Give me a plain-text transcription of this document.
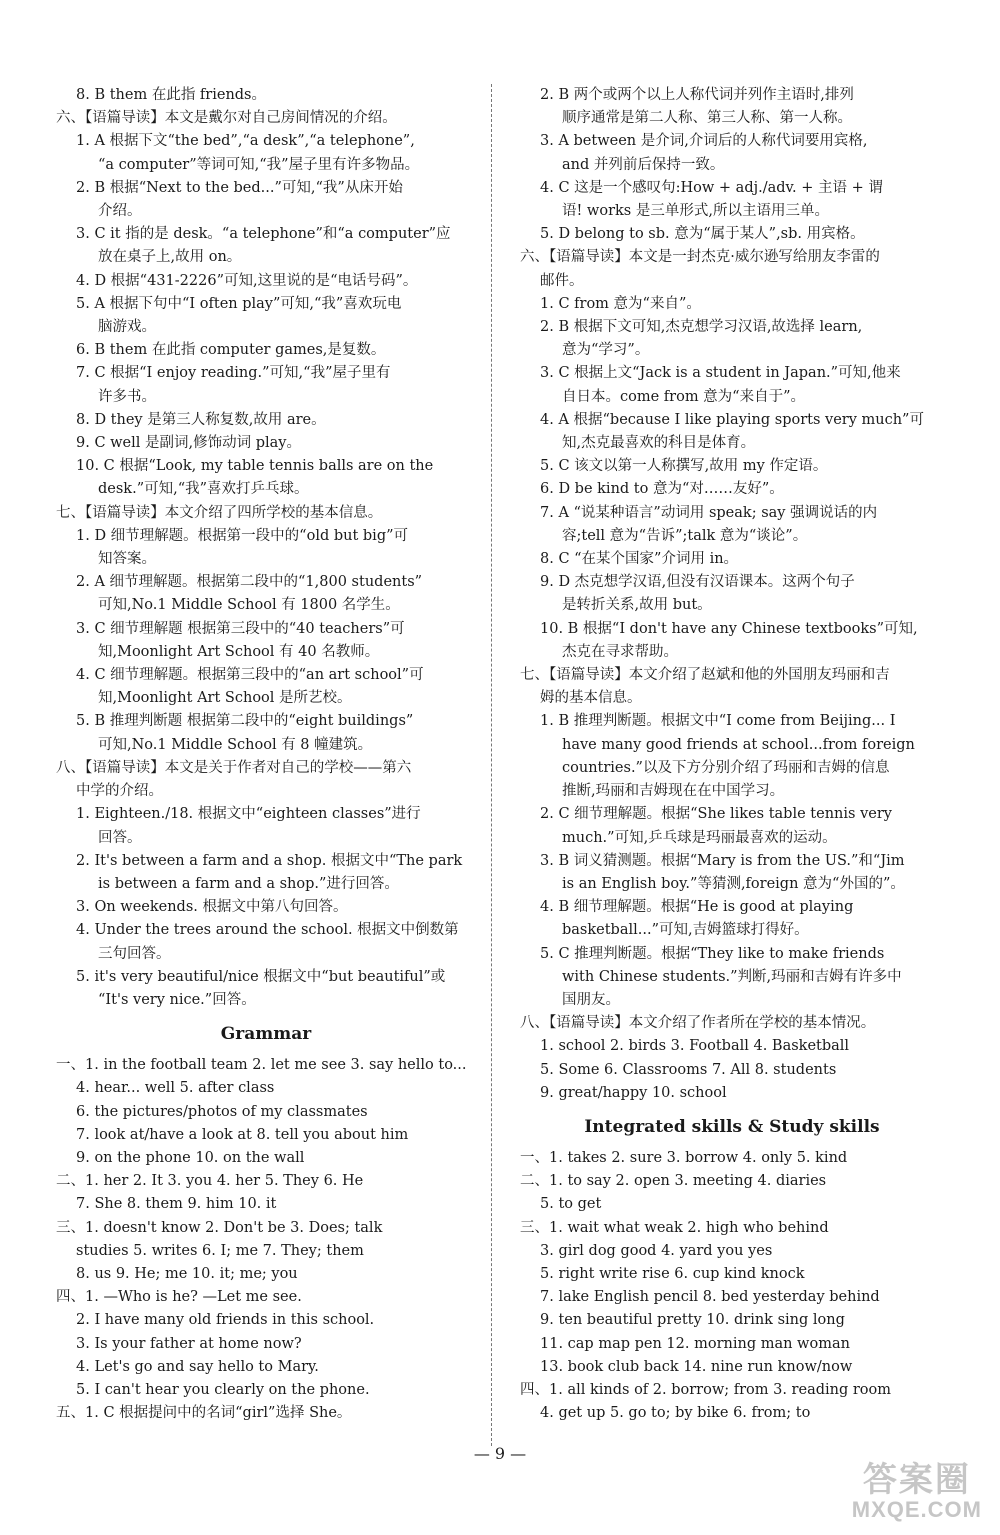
8. B them 在此指 friends。
六、【语篇导读】本文是戴尔对自己房间情况的介绍。
1. A 根据下文“the bed”,“a desk”,“a telephone”,
“a computer”等词可知,“我”屋子里有许多物品。
2. B 根据“Next to the bed...”可知,“我”从床开始
介绍。
3. C it 指的是 desk。“a telephone”和“a computer”应
放在桌子上,故用 on。
4. D 根据“431-2226”可知,这里说的是“电话号码”。
5. A 根据下句中“I often play”可知,“我”喜欢玩电
脑游戏。
6. B them 在此指 computer games,是复数。
7. C 根据“I enjoy reading.”可知,“我”屋子里有
许多书。
8. D they 是第三人称复数,故用 are。
9. C well 是副词,修饰动词 play。
10. C 根据“Look, my table tennis balls are on the
desk.”可知,“我”喜欢打乒乓球。
七、【语篇导读】本文介绍了四所学校的基本信息。
1. D 细节理解题。根据第一段中的“old but big”可
知答案。
2. A 细节理解题。根据第二段中的“1,800 students”
可知,No.1 Middle School 有 1800 名学生。
3. C 细节理解题 根据第三段中的“40 teachers”可
知,Moonlight Art School 有 40 名教师。
4. C 细节理解题。根据第三段中的“an art school”可
知,Moonlight Art School 是所艺校。
5. B 推理判断题 根据第二段中的“eight buildings”
可知,No.1 Middle School 有 8 幢建筑。
八、【语篇导读】本文是关于作者对自己的学校——第六
中学的介绍。
1. Eighteen./18. 根据文中“eighteen classes”进行
回答。
2. It's between a farm and a shop. 根据文中“The park
is between a farm and a shop.”进行回答。
3. On weekends. 根据文中第八句回答。
4. Under the trees around the school. 根据文中倒数第
三句回答。
5. it's very beautiful/nice 根据文中“but beautiful”或
“It's very nice.”回答。
Grammar
一、1. in the football team 2. let me see 3. say hello to...
4. hear... well 5. after class
6. the pictures/photos of my classmates
7. look at/have a look at 8. tell you about him
9. on the phone 10. on the wall
二、1. her 2. It 3. you 4. her 5. They 6. He
7. She 8. them 9. him 10. it
三、1. doesn't know 2. Don't be 3. Does; talk
studies 5. writes 6. I; me 7. They; them
8. us 9. He; me 10. it; me; you
四、1. —Who is he? —Let me see.
2. I have many old friends in this school.
3. Is your father at home now?
4. Let's go and say hello to Mary.
5. I can't hear you clearly on the phone.
五、1. C 根据提问中的名词“girl”选择 She。
2. B 两个或两个以上人称代词并列作主语时,排列
顺序通常是第二人称、第三人称、第一人称。
3. A between 是介词,介词后的人称代词要用宾格,
and 并列前后保持一致。
4. C 这是一个感叹句:How + adj./adv. + 主语 + 谓
语! works 是三单形式,所以主语用三单。
5. D belong to sb. 意为“属于某人”,sb. 用宾格。
六、【语篇导读】本文是一封杰克·威尔逊写给朋友李雷的
邮件。
1. C from 意为“来自”。
2. B 根据下文可知,杰克想学习汉语,故选择 learn,
意为“学习”。
3. C 根据上文“Jack is a student in Japan.”可知,他来
自日本。come from 意为“来自于”。
4. A 根据“because I like playing sports very much”可
知,杰克最喜欢的科目是体育。
5. C 该文以第一人称撰写,故用 my 作定语。
6. D be kind to 意为“对……友好”。
7. A “说某种语言”动词用 speak; say 强调说话的内
容;tell 意为“告诉”;talk 意为“谈论”。
8. C “在某个国家”介词用 in。
9. D 杰克想学汉语,但没有汉语课本。这两个句子
是转折关系,故用 but。
10. B 根据“I don't have any Chinese textbooks”可知,
杰克在寻求帮助。
七、【语篇导读】本文介绍了赵斌和他的外国朋友玛丽和吉
姆的基本信息。
1. B 推理判断题。根据文中“I come from Beijing... I
have many good friends at school...from foreign
countries.”以及下方分别介绍了玛丽和吉姆的信息
推断,玛丽和吉姆现在在中国学习。
2. C 细节理解题。根据“She likes table tennis very
much.”可知,乒乓球是玛丽最喜欢的运动。
3. B 词义猜测题。根据“Mary is from the US.”和“Jim
is an English boy.”等猜测,foreign 意为“外国的”。
4. B 细节理解题。根据“He is good at playing
basketball...”可知,吉姆篮球打得好。
5. C 推理判断题。根据“They like to make friends
with Chinese students.”判断,玛丽和吉姆有许多中
国朋友。
八、【语篇导读】本文介绍了作者所在学校的基本情况。
1. school 2. birds 3. Football 4. Basketball
5. Some 6. Classrooms 7. All 8. students
9. great/happy 10. school
Integrated skills & Study skills
一、1. takes 2. sure 3. borrow 4. only 5. kind
二、1. to say 2. open 3. meeting 4. diaries
5. to get
三、1. wait what weak 2. high who behind
3. girl dog good 4. yard you yes
5. right write rise 6. cup kind knock
7. lake English pencil 8. bed yesterday behind
9. ten beautiful pretty 10. drink sing long
11. cap map pen 12. morning man woman
13. book club back 14. nine run know/now
四、1. all kinds of 2. borrow; from 3. reading room
4. get up 5. go to; by bike 6. from; to
— 9 —
答案圈
MXQE.COM
